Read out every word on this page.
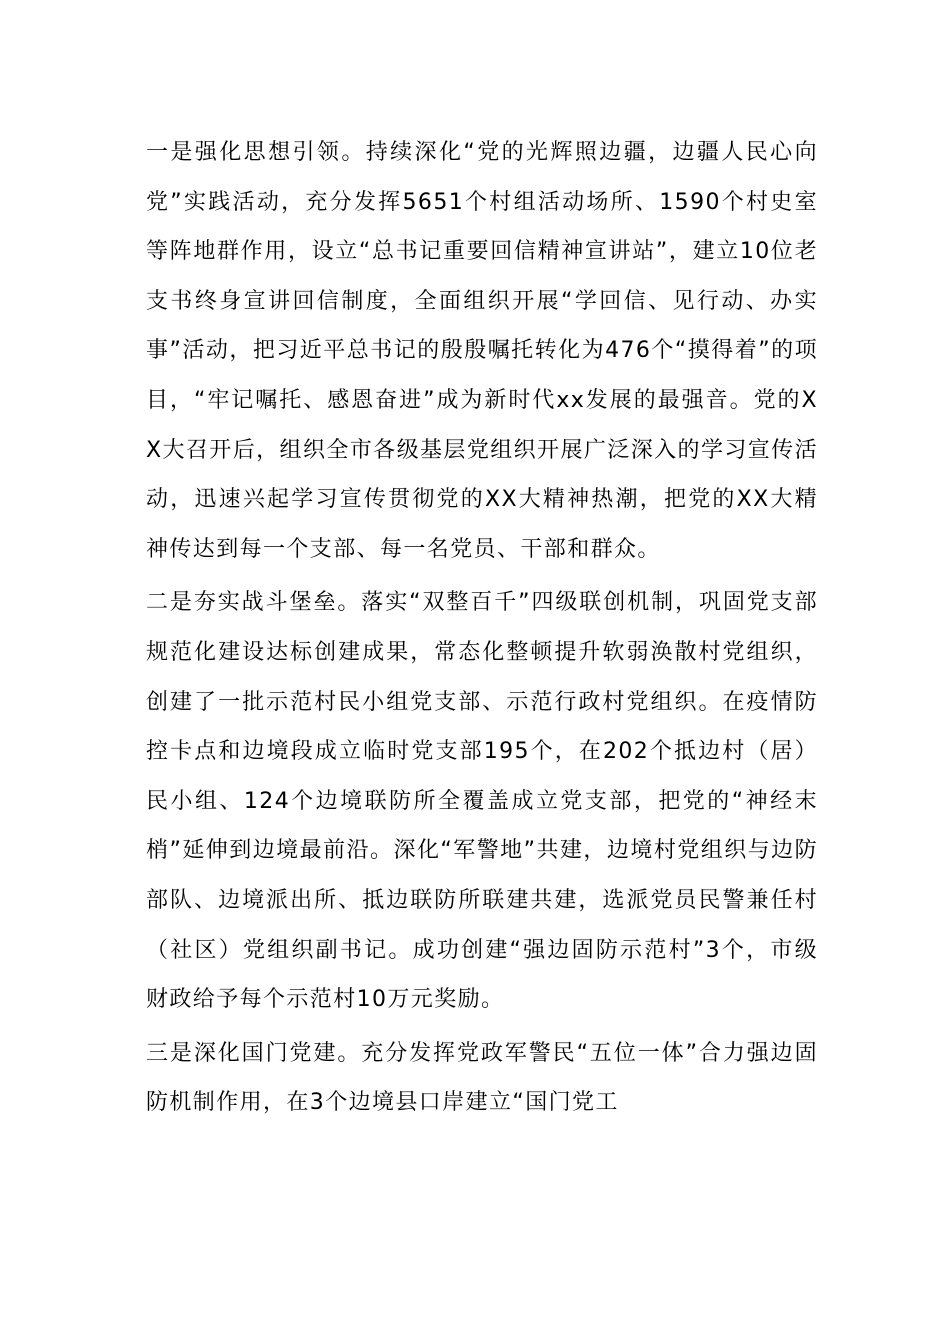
一是强化思想引领。持续深化“党的光辉照边疆，边疆人民心向党”实践活动，充分发挥5651个村组活动场所、1590个村史室等阵地群作用，设立“总书记重要回信精神宣讲站”，建立10位老支书终身宣讲回信制度，全面组织开展“学回信、见行动、办实事”活动，把习近平总书记的殷殷嘱托转化为476个“摸得着”的项目，“牢记嘱托、感恩奋进”成为新时代xx发展的最强音。党的XX大召开后，组织全市各级基层党组织开展广泛深入的学习宣传活动，迅速兴起学习宣传贯彻党的XX大精神热潮，把党的XX大精神传达到每一个支部、每一名党员、干部和群众。

二是夯实战斗堡垒。落实“双整百千”四级联创机制，巩固党支部规范化建设达标创建成果，常态化整顿提升软弱涣散村党组织，创建了一批示范村民小组党支部、示范行政村党组织。在疫情防控卡点和边境段成立临时党支部195个，在202个抵边村（居）民小组、124个边境联防所全覆盖成立党支部，把党的“神经末梢”延伸到边境最前沿。深化“军警地”共建，边境村党组织与边防部队、边境派出所、抵边联防所联建共建，选派党员民警兼任村（社区）党组织副书记。成功创建“强边固防示范村”3个，市级财政给予每个示范村10万元奖励。

三是深化国门党建。充分发挥党政军警民“五位一体”合力强边固防机制作用，在3个边境县口岸建立“国门党工
